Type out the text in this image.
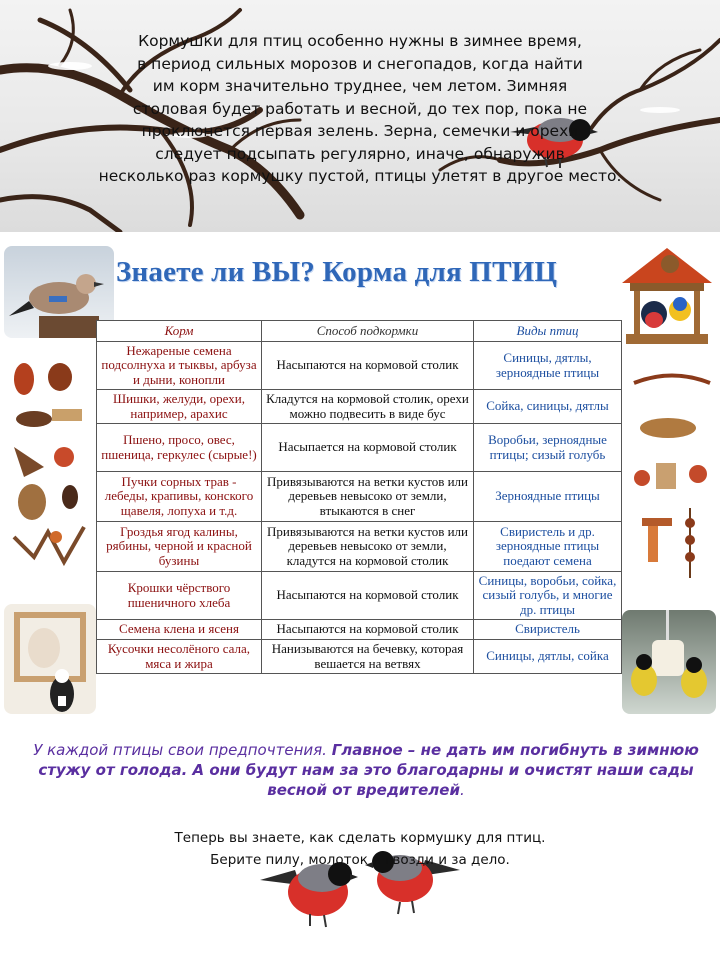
Кормушки для птиц особенно нужны в зимнее время,
в период сильных морозов и снегопадов, когда найти
им корм значительно труднее, чем летом. Зимняя
столовая будет работать и весной, до тех пор, пока не
проклюнется первая зелень. Зерна, семечки и орехи
следует подсыпать регулярно, иначе, обнаружив
несколько раз кормушку пустой, птицы улетят в другое место.

Знаете ли ВЫ? Корма для ПТИЦ
Корм	Способ подкормки	Виды птиц
Нежареные семена подсолнуха и тыквы, арбуза и дыни, конопли	Насыпаются на кормовой столик	Синицы, дятлы, зерноядные птицы
Шишки, желуди, орехи, например, арахис	Кладутся на кормовой столик, орехи можно подвесить в виде бус	Сойка, синицы, дятлы
Пшено, просо, овес, пшеница, геркулес (сырые!)	Насыпается на кормовой столик	Воробьи, зерноядные птицы; сизый голубь
Пучки сорных трав - лебеды, крапивы, конского щавеля, лопуха и т.д.	Привязываются на ветки кустов или деревьев невысоко от земли, втыкаются в снег	Зерноядные птицы
Гроздья ягод калины, рябины, черной и красной бузины	Привязываются на ветки кустов или деревьев невысоко от земли, кладутся на кормовой столик	Свиристель и др. зерноядные птицы поедают семена
Крошки чёрствого пшеничного хлеба	Насыпаются на кормовой столик	Синицы, воробьи, сойка, сизый голубь, и многие др. птицы
Семена клена и ясеня	Насыпаются на кормовой столик	Свиристель
Кусочки несолёного сала, мяса и жира	Нанизываются на бечевку, которая вешается на ветвях	Синицы, дятлы, сойка

У каждой птицы свои предпочтения. Главное – не дать им погибнуть в зимнюю стужу от голода. А они будут нам за это благодарны и очистят наши сады весной от вредителей.

Теперь вы знаете, как сделать кормушку для птиц.
Берите пилу, молоток и гвозди и за дело.
